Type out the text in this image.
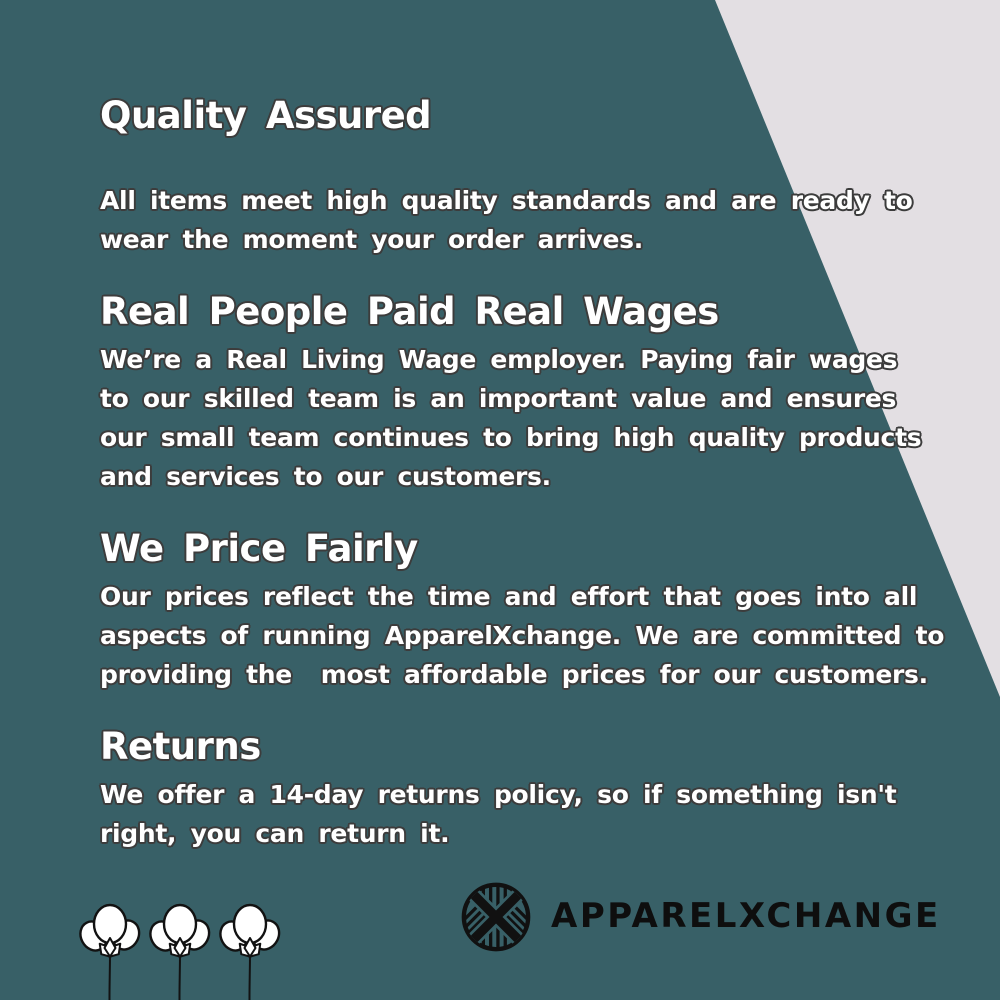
Quality Assured
All items meet high quality standards and are ready to
wear the moment your order arrives.
Real People Paid Real Wages
We’re a Real Living Wage employer. Paying fair wages
to our skilled team is an important value and ensures
our small team continues to bring high quality products
and services to our customers.
We Price Fairly
Our prices reflect the time and effort that goes into all
aspects of running ApparelXchange. We are committed to
providing the  most affordable prices for our customers.
Returns
We offer a 14-day returns policy, so if something isn't
right, you can return it.
APPARELXCHANGE
